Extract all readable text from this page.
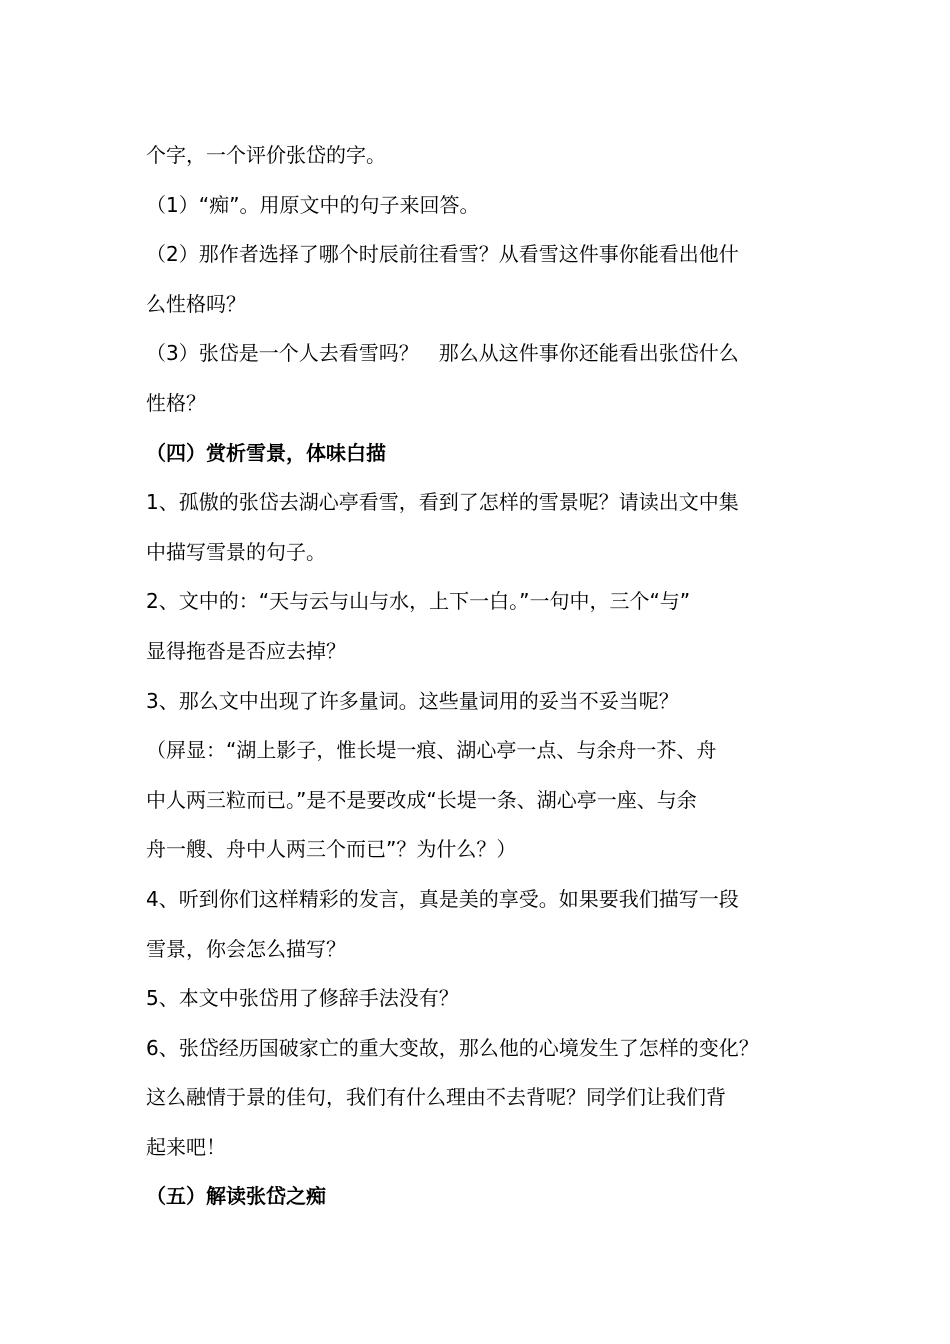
个字，一个评价张岱的字。
（1）“痴”。用原文中的句子来回答。
（2）那作者选择了哪个时辰前往看雪？从看雪这件事你能看出他什
么性格吗？
（3）张岱是一个人去看雪吗？　那么从这件事你还能看出张岱什么
性格？
（四）赏析雪景，体味白描
1、孤傲的张岱去湖心亭看雪，看到了怎样的雪景呢？请读出文中集
中描写雪景的句子。
2、文中的：“天与云与山与水，上下一白。”一句中，三个“与”
显得拖沓是否应去掉？
3、那么文中出现了许多量词。这些量词用的妥当不妥当呢？
（屏显：“湖上影子，惟长堤一痕、湖心亭一点、与余舟一芥、舟
中人两三粒而已。”是不是要改成“长堤一条、湖心亭一座、与余
舟一艘、舟中人两三个而已”？为什么？）
4、听到你们这样精彩的发言，真是美的享受。如果要我们描写一段
雪景，你会怎么描写？
5、本文中张岱用了修辞手法没有？
6、张岱经历国破家亡的重大变故，那么他的心境发生了怎样的变化？
这么融情于景的佳句，我们有什么理由不去背呢？同学们让我们背
起来吧！
（五）解读张岱之痴
